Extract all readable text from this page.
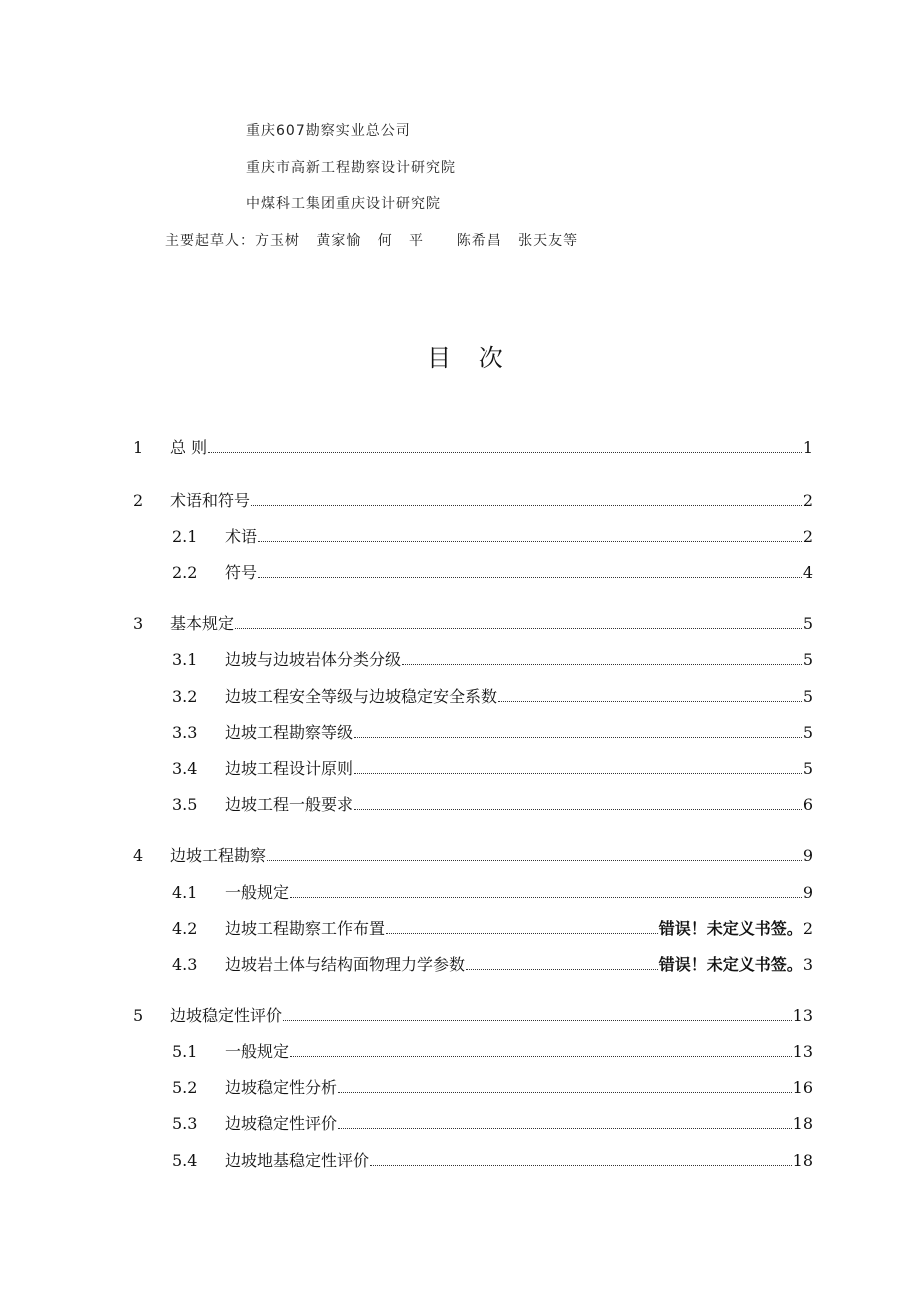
重庆607勘察实业总公司
重庆市高新工程勘察设计研究院
中煤科工集团重庆设计研究院
主要起草人：方玉树   黄家愉   何   平      陈希昌   张天友等
目 次
1	总 则	1
2	术语和符号	2
2.1	术语	2
2.2	符号	4
3	基本规定	5
3.1	边坡与边坡岩体分类分级	5
3.2	边坡工程安全等级与边坡稳定安全系数	5
3.3	边坡工程勘察等级	5
3.4	边坡工程设计原则	5
3.5	边坡工程一般要求	6
4	边坡工程勘察	9
4.1	一般规定	9
4.2	边坡工程勘察工作布置	错误！未定义书签。 2
4.3	边坡岩土体与结构面物理力学参数	错误！未定义书签。 3
5	边坡稳定性评价	13
5.1	一般规定	13
5.2	边坡稳定性分析	16
5.3	边坡稳定性评价	18
5.4	边坡地基稳定性评价	18
